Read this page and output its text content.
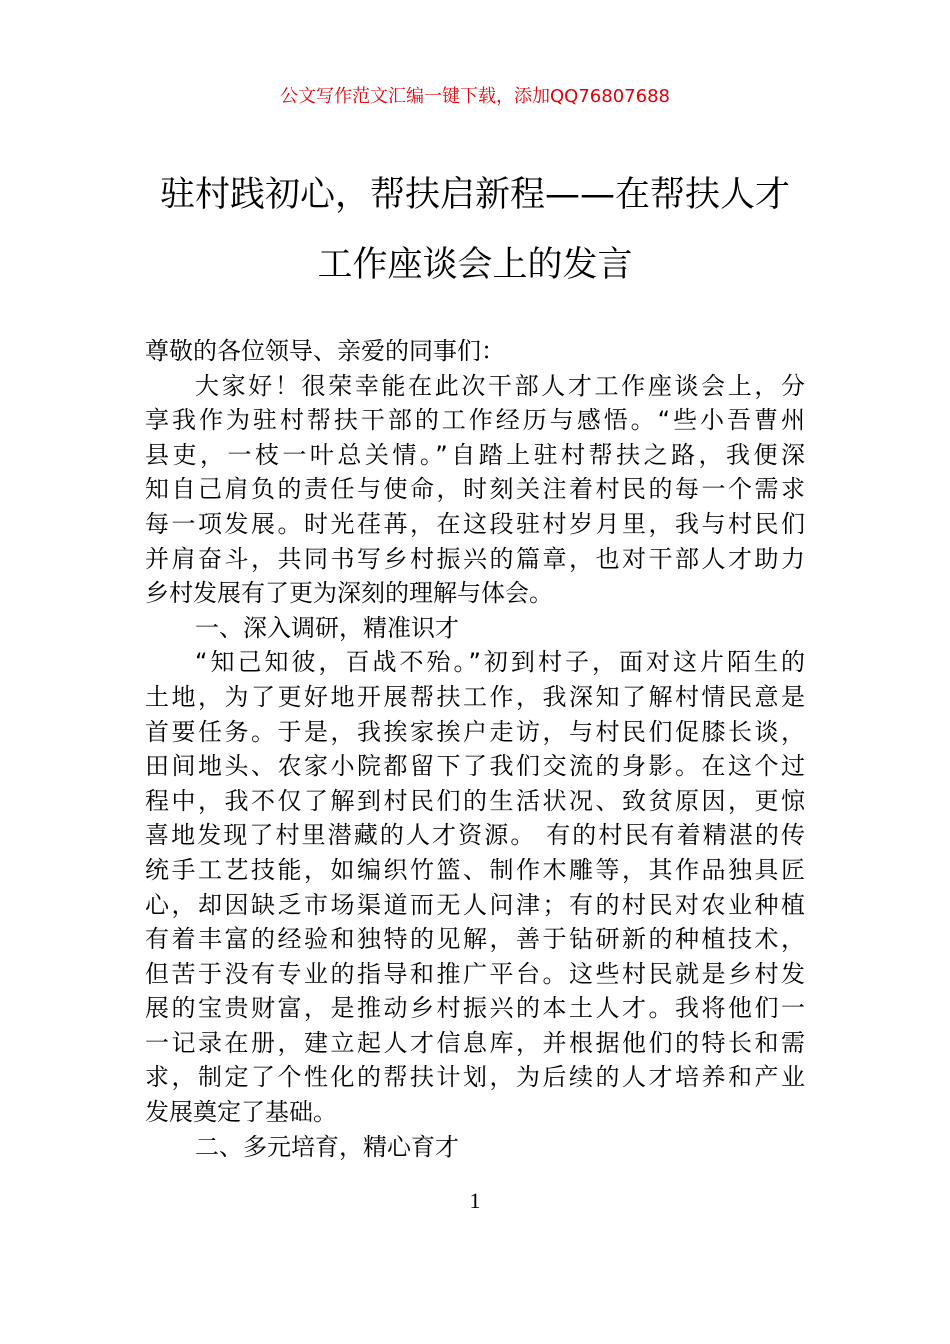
公文写作范文汇编一键下载，添加QQ76807688
驻村践初心，帮扶启新程——在帮扶人才
工作座谈会上的发言
尊敬的各位领导、亲爱的同事们：
大家好！很荣幸能在此次干部人才工作座谈会上，分
享我作为驻村帮扶干部的工作经历与感悟。“些小吾曹州
县吏，一枝一叶总关情。”自踏上驻村帮扶之路，我便深
知自己肩负的责任与使命，时刻关注着村民的每一个需求
每一项发展。时光荏苒，在这段驻村岁月里，我与村民们
并肩奋斗，共同书写乡村振兴的篇章，也对干部人才助力
乡村发展有了更为深刻的理解与体会。
一、深入调研，精准识才
“知己知彼，百战不殆。”初到村子，面对这片陌生的
土地，为了更好地开展帮扶工作，我深知了解村情民意是
首要任务。于是，我挨家挨户走访，与村民们促膝长谈，
田间地头、农家小院都留下了我们交流的身影。在这个过
程中，我不仅了解到村民们的生活状况、致贫原因，更惊
喜地发现了村里潜藏的人才资源。 有的村民有着精湛的传
统手工艺技能，如编织竹篮、制作木雕等，其作品独具匠
心，却因缺乏市场渠道而无人问津；有的村民对农业种植
有着丰富的经验和独特的见解，善于钻研新的种植技术，
但苦于没有专业的指导和推广平台。这些村民就是乡村发
展的宝贵财富，是推动乡村振兴的本土人才。我将他们一
一记录在册，建立起人才信息库，并根据他们的特长和需
求，制定了个性化的帮扶计划，为后续的人才培养和产业
发展奠定了基础。
二、多元培育，精心育才
1
